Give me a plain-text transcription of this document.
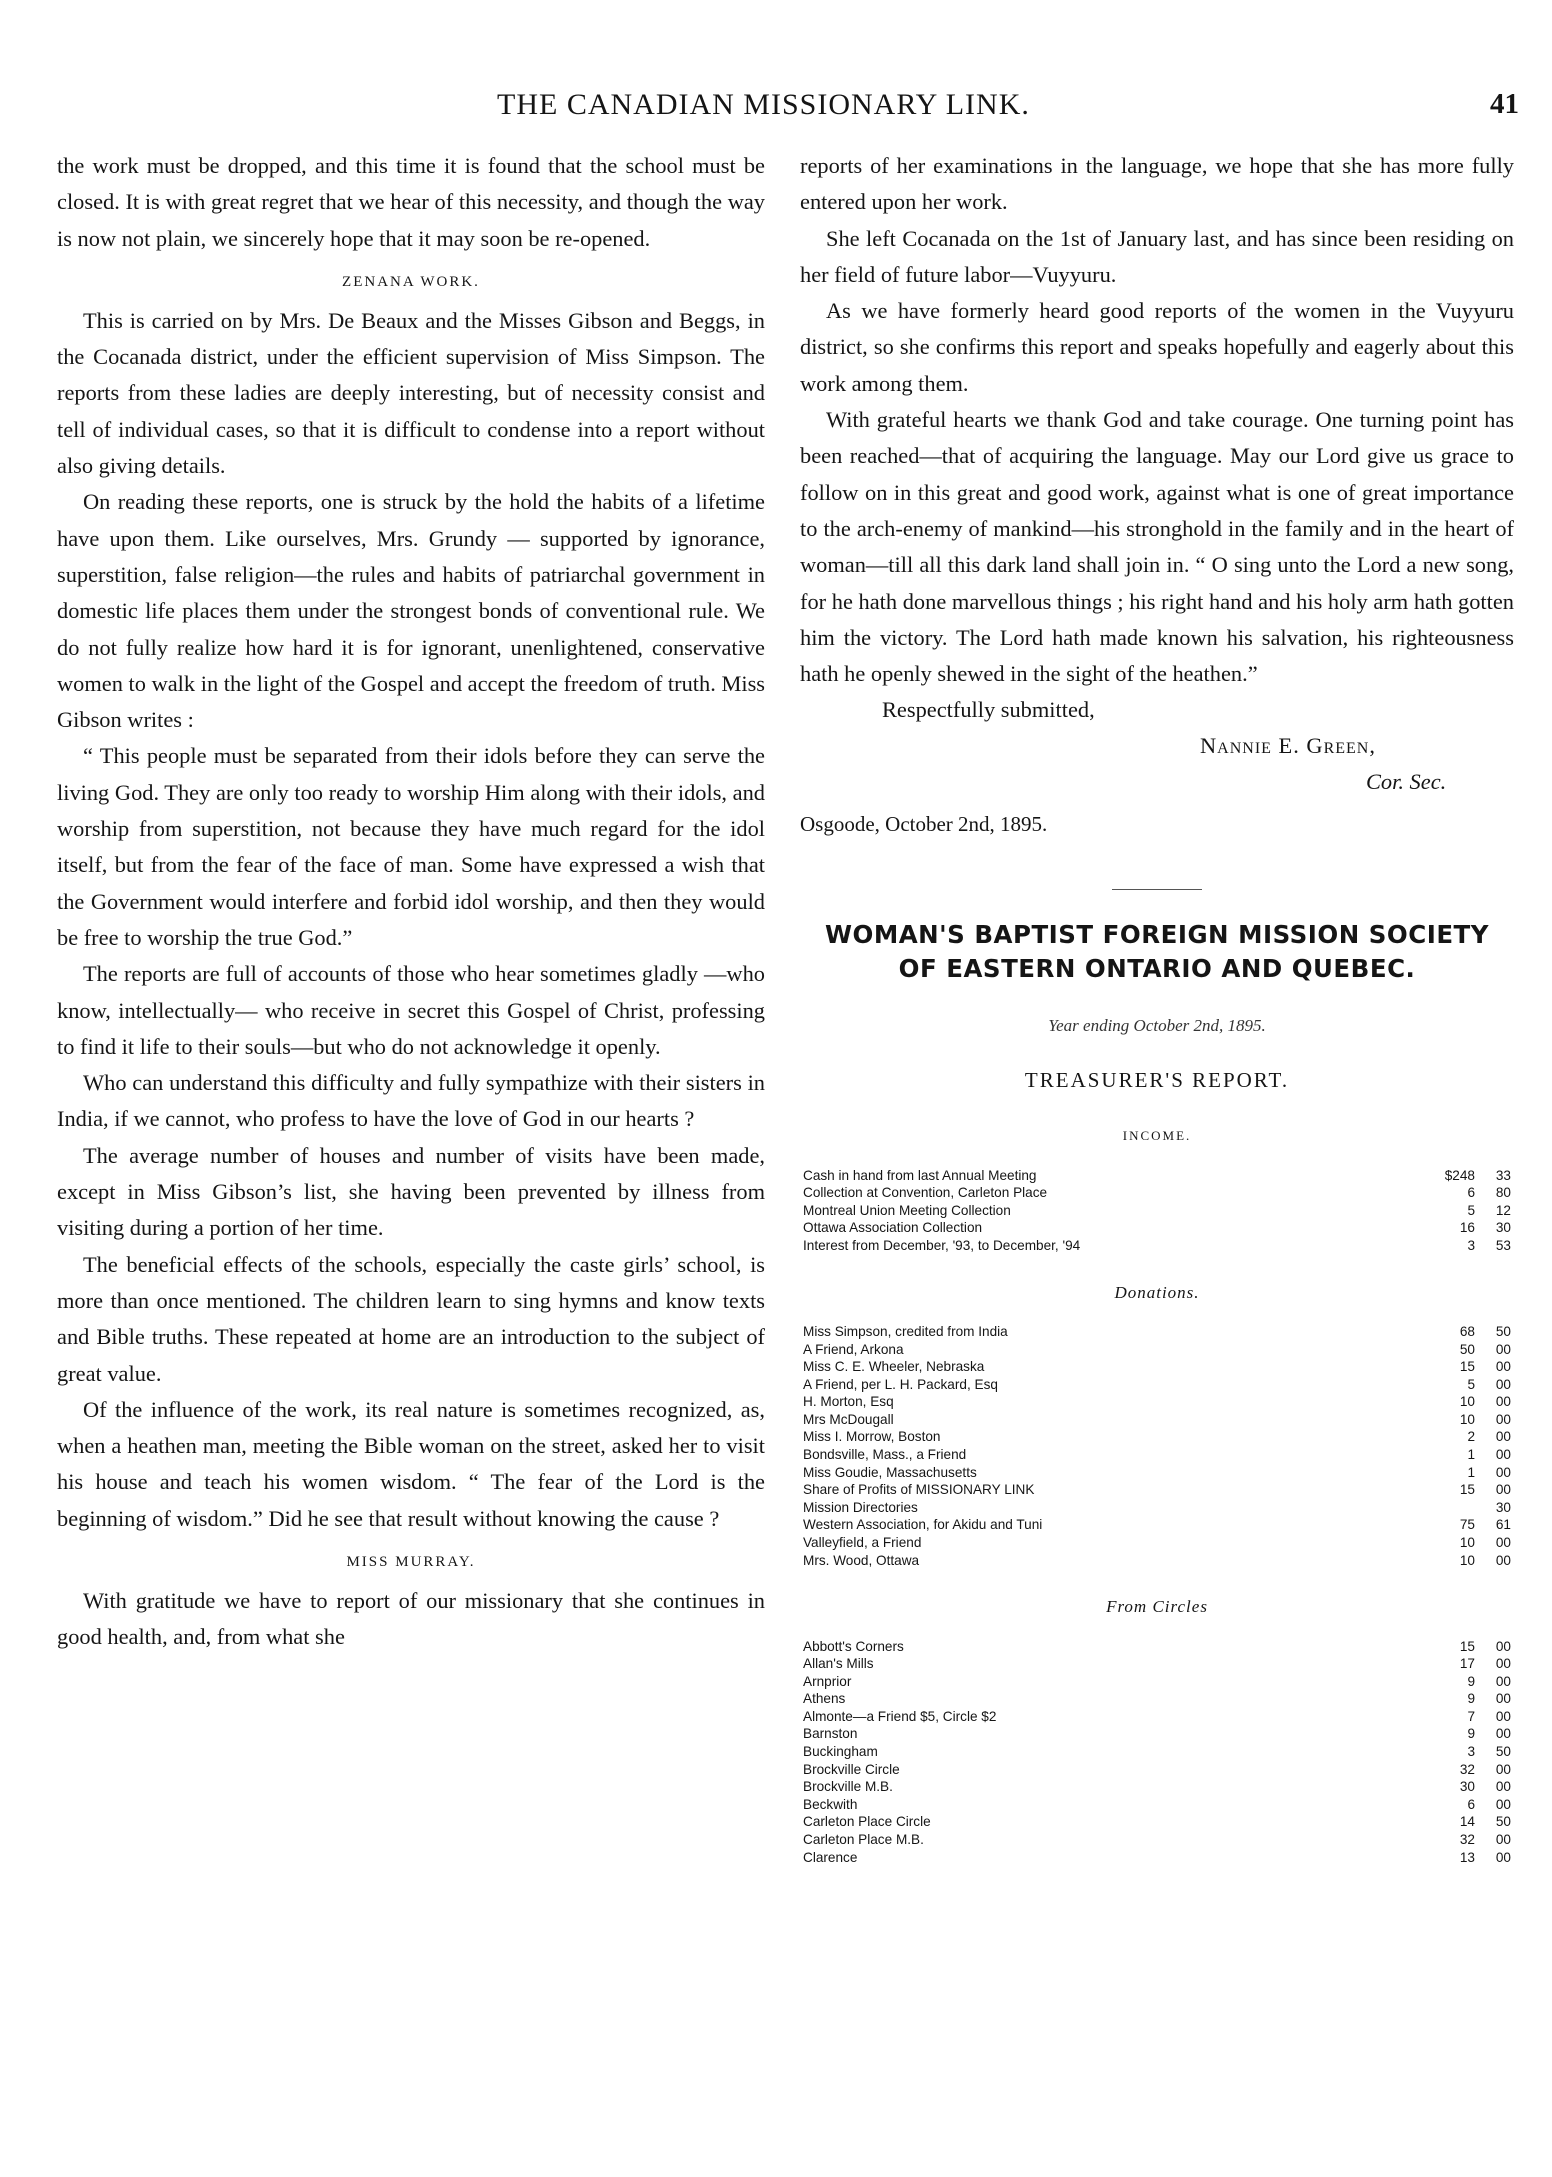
THE CANADIAN MISSIONARY LINK.	41

the work must be dropped, and this time it is found that the school must be closed. It is with great regret that we hear of this necessity, and though the way is now not plain, we sincerely hope that it may soon be re-opened.

ZENANA WORK.

This is carried on by Mrs. De Beaux and the Misses Gibson and Beggs, in the Cocanada district, under the efficient supervision of Miss Simpson. The reports from these ladies are deeply interesting, but of necessity consist and tell of individual cases, so that it is difficult to condense into a report without also giving details.

On reading these reports, one is struck by the hold the habits of a lifetime have upon them. Like ourselves, Mrs. Grundy — supported by ignorance, superstition, false religion—the rules and habits of patriarchal government in domestic life places them under the strongest bonds of conventional rule. We do not fully realize how hard it is for ignorant, unenlightened, conservative women to walk in the light of the Gospel and accept the freedom of truth. Miss Gibson writes :

“ This people must be separated from their idols before they can serve the living God. They are only too ready to worship Him along with their idols, and worship from superstition, not because they have much regard for the idol itself, but from the fear of the face of man. Some have expressed a wish that the Government would interfere and forbid idol worship, and then they would be free to worship the true God.”

The reports are full of accounts of those who hear sometimes gladly —who know, intellectually— who receive in secret this Gospel of Christ, professing to find it life to their souls—but who do not acknowledge it openly.

Who can understand this difficulty and fully sympathize with their sisters in India, if we cannot, who profess to have the love of God in our hearts ?

The average number of houses and number of visits have been made, except in Miss Gibson’s list, she having been prevented by illness from visiting during a portion of her time.

The beneficial effects of the schools, especially the caste girls’ school, is more than once mentioned. The children learn to sing hymns and know texts and Bible truths. These repeated at home are an introduction to the subject of great value.

Of the influence of the work, its real nature is sometimes recognized, as, when a heathen man, meeting the Bible woman on the street, asked her to visit his house and teach his women wisdom. “ The fear of the Lord is the beginning of wisdom.” Did he see that result without knowing the cause ?

MISS MURRAY.

With gratitude we have to report of our missionary that she continues in good health, and, from what she

reports of her examinations in the language, we hope that she has more fully entered upon her work.

She left Cocanada on the 1st of January last, and has since been residing on her field of future labor—Vuyyuru.

As we have formerly heard good reports of the women in the Vuyyuru district, so she confirms this report and speaks hopefully and eagerly about this work among them.

With grateful hearts we thank God and take courage. One turning point has been reached—that of acquiring the language. May our Lord give us grace to follow on in this great and good work, against what is one of great importance to the arch-enemy of mankind—his stronghold in the family and in the heart of woman—till all this dark land shall join in. “ O sing unto the Lord a new song, for he hath done marvellous things ; his right hand and his holy arm hath gotten him the victory. The Lord hath made known his salvation, his righteousness hath he openly shewed in the sight of the heathen.”

Respectfully submitted,
Nannie E. Green,
Cor. Sec.
Osgoode, October 2nd, 1895.
WOMAN'S BAPTIST FOREIGN MISSION SOCIETY
OF EASTERN ONTARIO AND QUEBEC.
Year ending October 2nd, 1895.
TREASURER'S REPORT.
INCOME.
Cash in hand from last Annual Meeting	$248	33
Collection at Convention, Carleton Place	6	80
Montreal Union Meeting Collection	5	12
Ottawa Association Collection	16	30
Interest from December, '93, to December, '94	3	53
Donations.
Miss Simpson, credited from India	68	50
A Friend, Arkona	50	00
Miss C. E. Wheeler, Nebraska	15	00
A Friend, per L. H. Packard, Esq	5	00
H. Morton, Esq	10	00
Mrs McDougall	10	00
Miss I. Morrow, Boston	2	00
Bondsville, Mass., a Friend	1	00
Miss Goudie, Massachusetts	1	00
Share of Profits of MISSIONARY LINK	15	00
Mission Directories		30
Western Association, for Akidu and Tuni	75	61
Valleyfield, a Friend	10	00
Mrs. Wood, Ottawa	10	00
From Circles
Abbott's Corners	15	00
Allan's Mills	17	00
Arnprior	9	00
Athens	9	00
Almonte—a Friend $5, Circle $2	7	00
Barnston	9	00
Buckingham	3	50
Brockville Circle	32	00
Brockville M.B.	30	00
Beckwith	6	00
Carleton Place Circle	14	50
Carleton Place M.B.	32	00
Clarence	13	00
